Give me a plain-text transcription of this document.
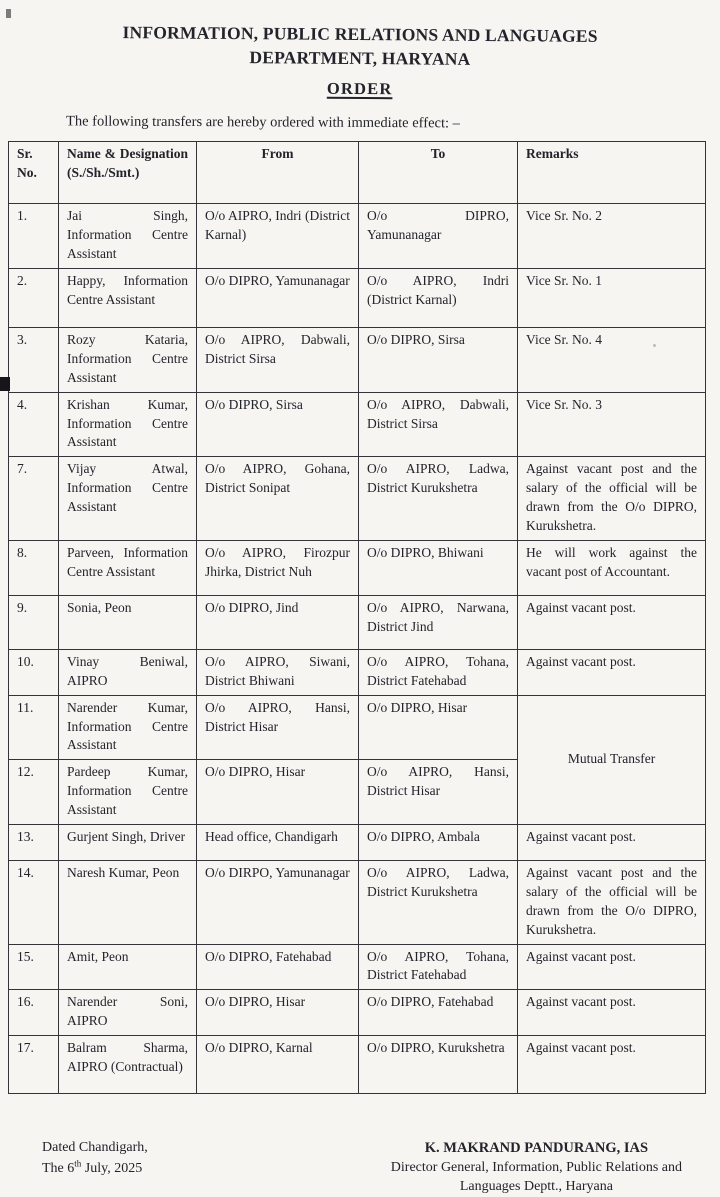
INFORMATION, PUBLIC RELATIONS AND LANGUAGES
DEPARTMENT, HARYANA
ORDER

The following transfers are hereby ordered with immediate effect: –

Sr. No.	Name & Designation (S./Sh./Smt.)	From	To	Remarks
1.	Jai Singh, Information Centre Assistant	O/o AIPRO, Indri (District Karnal)	O/o DIPRO, Yamunanagar	Vice Sr. No. 2
2.	Happy, Information Centre Assistant	O/o DIPRO, Yamunanagar	O/o AIPRO, Indri (District Karnal)	Vice Sr. No. 1
3.	Rozy Kataria, Information Centre Assistant	O/o AIPRO, Dabwali, District Sirsa	O/o DIPRO, Sirsa	Vice Sr. No. 4
4.	Krishan Kumar, Information Centre Assistant	O/o DIPRO, Sirsa	O/o AIPRO, Dabwali, District Sirsa	Vice Sr. No. 3
7.	Vijay Atwal, Information Centre Assistant	O/o AIPRO, Gohana, District Sonipat	O/o AIPRO, Ladwa, District Kurukshetra	Against vacant post and the salary of the official will be drawn from the O/o DIPRO, Kurukshetra.
8.	Parveen, Information Centre Assistant	O/o AIPRO, Firozpur Jhirka, District Nuh	O/o DIPRO, Bhiwani	He will work against the vacant post of Accountant.
9.	Sonia, Peon	O/o DIPRO, Jind	O/o AIPRO, Narwana, District Jind	Against vacant post.
10.	Vinay Beniwal, AIPRO	O/o AIPRO, Siwani, District Bhiwani	O/o AIPRO, Tohana, District Fatehabad	Against vacant post.
11.	Narender Kumar, Information Centre Assistant	O/o AIPRO, Hansi, District Hisar	O/o DIPRO, Hisar	Mutual Transfer
12.	Pardeep Kumar, Information Centre Assistant	O/o DIPRO, Hisar	O/o AIPRO, Hansi, District Hisar	
13.	Gurjent Singh, Driver	Head office, Chandigarh	O/o DIPRO, Ambala	Against vacant post.
14.	Naresh Kumar, Peon	O/o DIRPO, Yamunanagar	O/o AIPRO, Ladwa, District Kurukshetra	Against vacant post and the salary of the official will be drawn from the O/o DIPRO, Kurukshetra.
15.	Amit, Peon	O/o DIPRO, Fatehabad	O/o AIPRO, Tohana, District Fatehabad	Against vacant post.
16.	Narender Soni, AIPRO	O/o DIPRO, Hisar	O/o DIPRO, Fatehabad	Against vacant post.
17.	Balram Sharma, AIPRO (Contractual)	O/o DIPRO, Karnal	O/o DIPRO, Kurukshetra	Against vacant post.
Dated Chandigarh,
The 6th July, 2025
K. MAKRAND PANDURANG, IAS
Director General, Information, Public Relations and
Languages Deptt., Haryana
